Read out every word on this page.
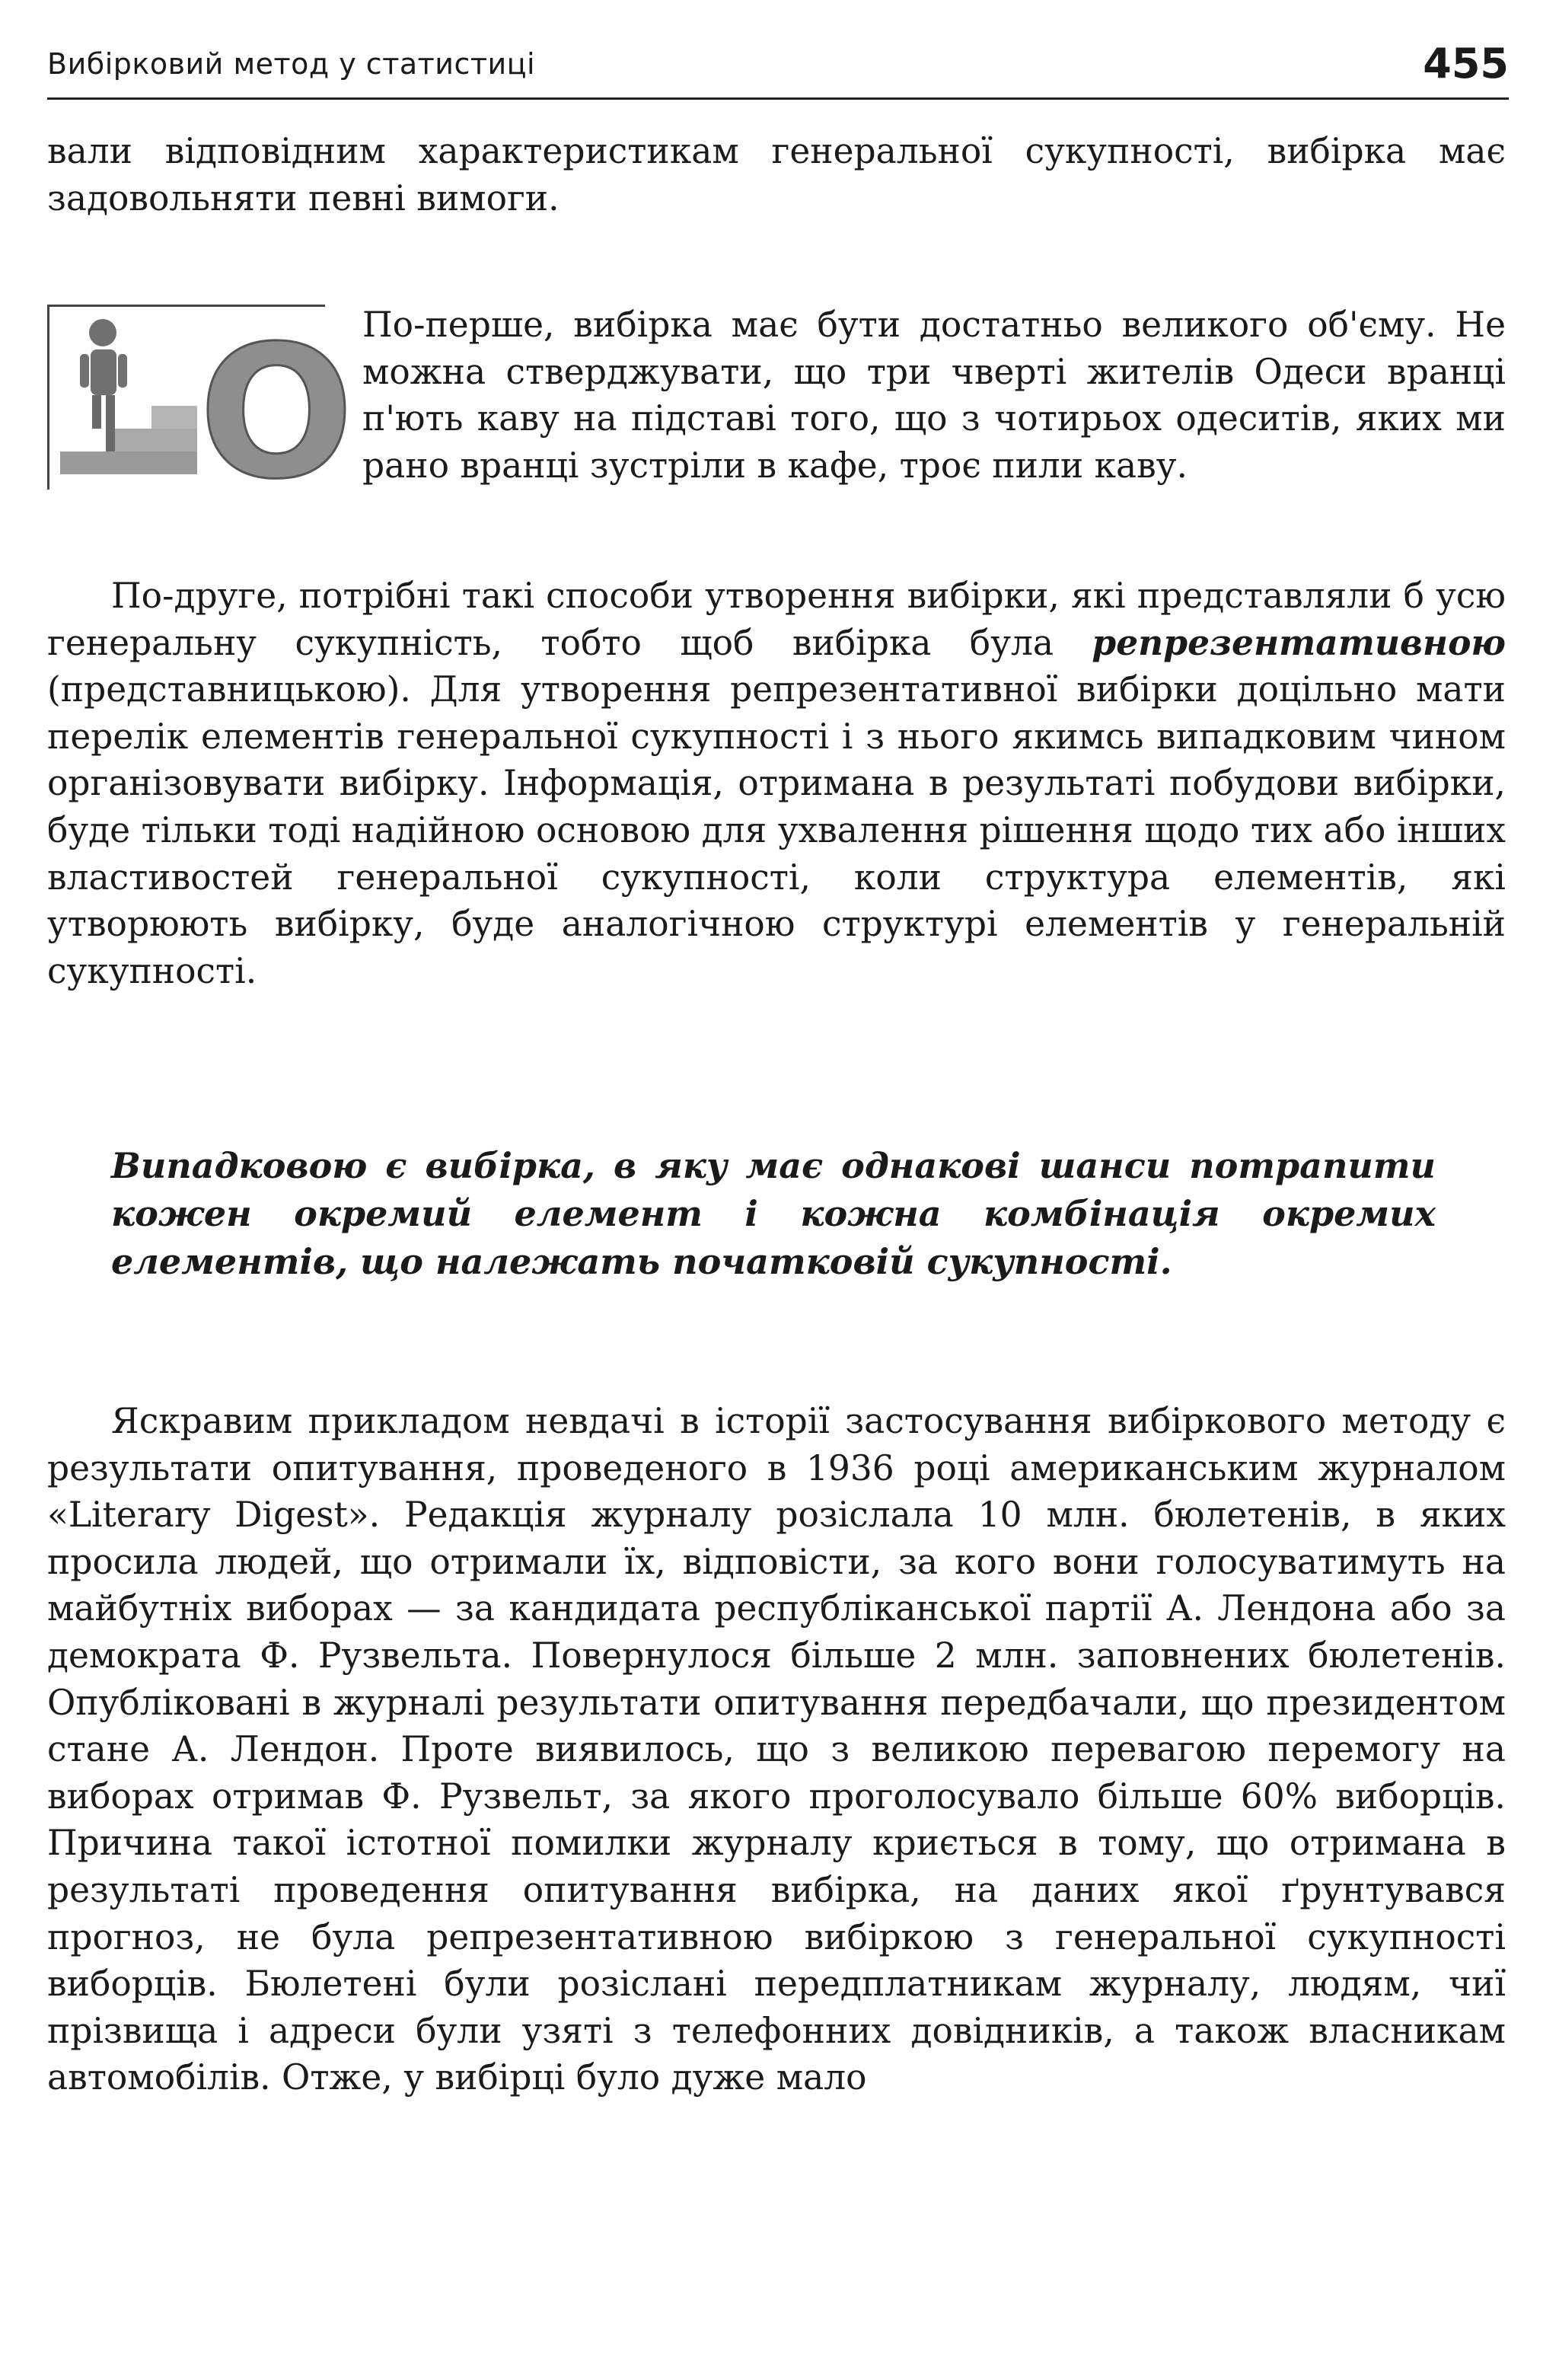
Вибірковий метод у статистиці	455

вали відповідним характеристикам генеральної сукупності, вибірка має задовольняти певні вимоги.

O По-перше, вибірка має бути достатньо великого об'єму. Не можна стверджувати, що три чверті жителів Одеси вранці п'ють каву на підставі того, що з чотирьох одеситів, яких ми рано вранці зустріли в кафе, троє пили каву.

По-друге, потрібні такі способи утворення вибірки, які представляли б усю генеральну сукупність, тобто щоб вибірка була репрезентативною (представницькою). Для утворення репрезентативної вибірки доцільно мати перелік елементів генеральної сукупності і з нього якимсь випадковим чином організовувати вибірку. Інформація, отримана в результаті побудови вибірки, буде тільки тоді надійною основою для ухвалення рішення щодо тих або інших властивостей генеральної сукупності, коли структура елементів, які утворюють вибірку, буде аналогічною структурі елементів у генеральній сукупності.

Випадковою є вибірка, в яку має однакові шанси потрапити кожен окремий елемент і кожна комбінація окремих елементів, що належать початковій сукупності.

Яскравим прикладом невдачі в історії застосування вибіркового методу є результати опитування, проведеного в 1936 році американським журналом «Literary Digest». Редакція журналу розіслала 10 млн. бюлетенів, в яких просила людей, що отримали їх, відповісти, за кого вони голосуватимуть на майбутніх виборах — за кандидата республіканської партії А. Лендона або за демократа Ф. Рузвельта. Повернулося більше 2 млн. заповнених бюлетенів. Опубліковані в журналі результати опитування передбачали, що президентом стане А. Лендон. Проте виявилось, що з великою перевагою перемогу на виборах отримав Ф. Рузвельт, за якого проголосувало більше 60% виборців. Причина такої істотної помилки журналу криється в тому, що отримана в результаті проведення опитування вибірка, на даних якої ґрунтувався прогноз, не була репрезентативною вибіркою з генеральної сукупності виборців. Бюлетені були розіслані передплатникам журналу, людям, чиї прізвища і адреси були узяті з телефонних довідників, а також власникам автомобілів. Отже, у вибірці було дуже мало
